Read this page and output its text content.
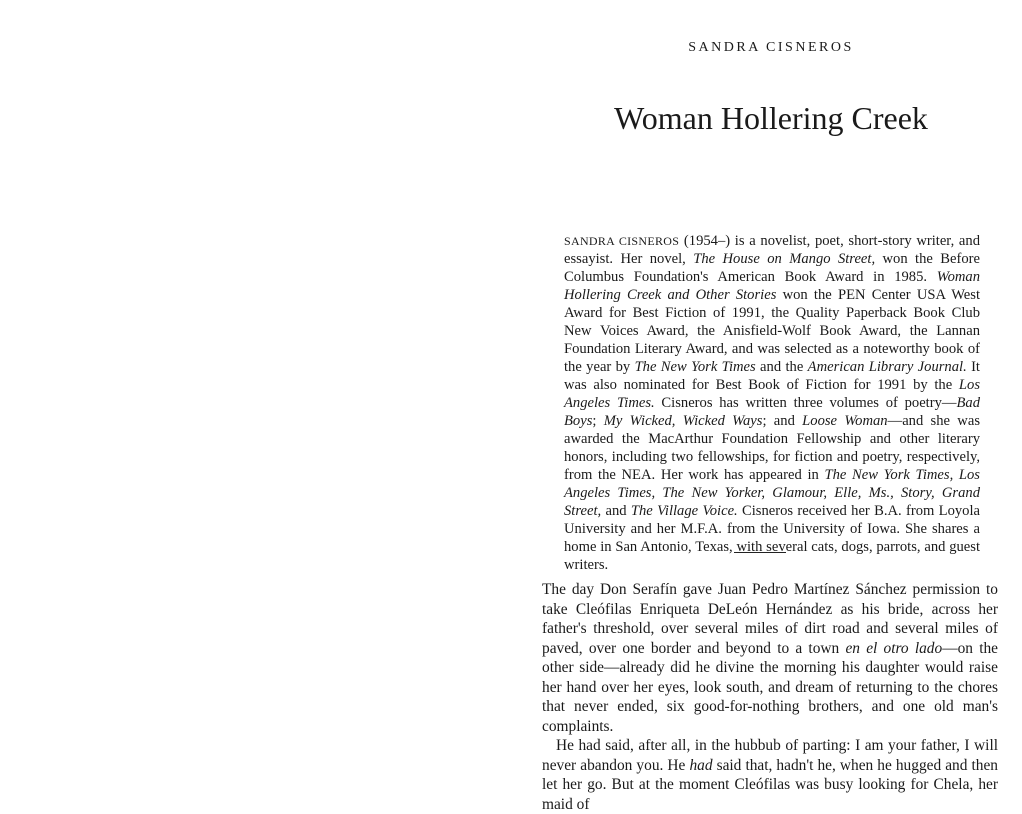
SANDRA CISNEROS
Woman Hollering Creek

SANDRA CISNEROS (1954–) is a novelist, poet, short-story writer, and essayist. Her novel, The House on Mango Street, won the Before Columbus Foundation's American Book Award in 1985. Woman Hollering Creek and Other Stories won the PEN Center USA West Award for Best Fiction of 1991, the Quality Paperback Book Club New Voices Award, the Anisfield-Wolf Book Award, the Lannan Foundation Literary Award, and was selected as a noteworthy book of the year by The New York Times and the American Library Journal. It was also nominated for Best Book of Fiction for 1991 by the Los Angeles Times. Cisneros has written three volumes of poetry—Bad Boys; My Wicked, Wicked Ways; and Loose Woman—and she was awarded the MacArthur Foundation Fellowship and other literary honors, including two fellowships, for fiction and poetry, respectively, from the NEA. Her work has appeared in The New York Times, Los Angeles Times, The New Yorker, Glamour, Elle, Ms., Story, Grand Street, and The Village Voice. Cisneros received her B.A. from Loyola University and her M.F.A. from the University of Iowa. She shares a home in San Antonio, Texas, with several cats, dogs, parrots, and guest writers.

The day Don Serafín gave Juan Pedro Martínez Sánchez permission to take Cleófilas Enriqueta DeLeón Hernández as his bride, across her father's threshold, over several miles of dirt road and several miles of paved, over one border and beyond to a town en el otro lado—on the other side—already did he divine the morning his daughter would raise her hand over her eyes, look south, and dream of returning to the chores that never ended, six good-for-nothing brothers, and one old man's complaints.

He had said, after all, in the hubbub of parting: I am your father, I will never abandon you. He had said that, hadn't he, when he hugged and then let her go. But at the moment Cleófilas was busy looking for Chela, her maid of
